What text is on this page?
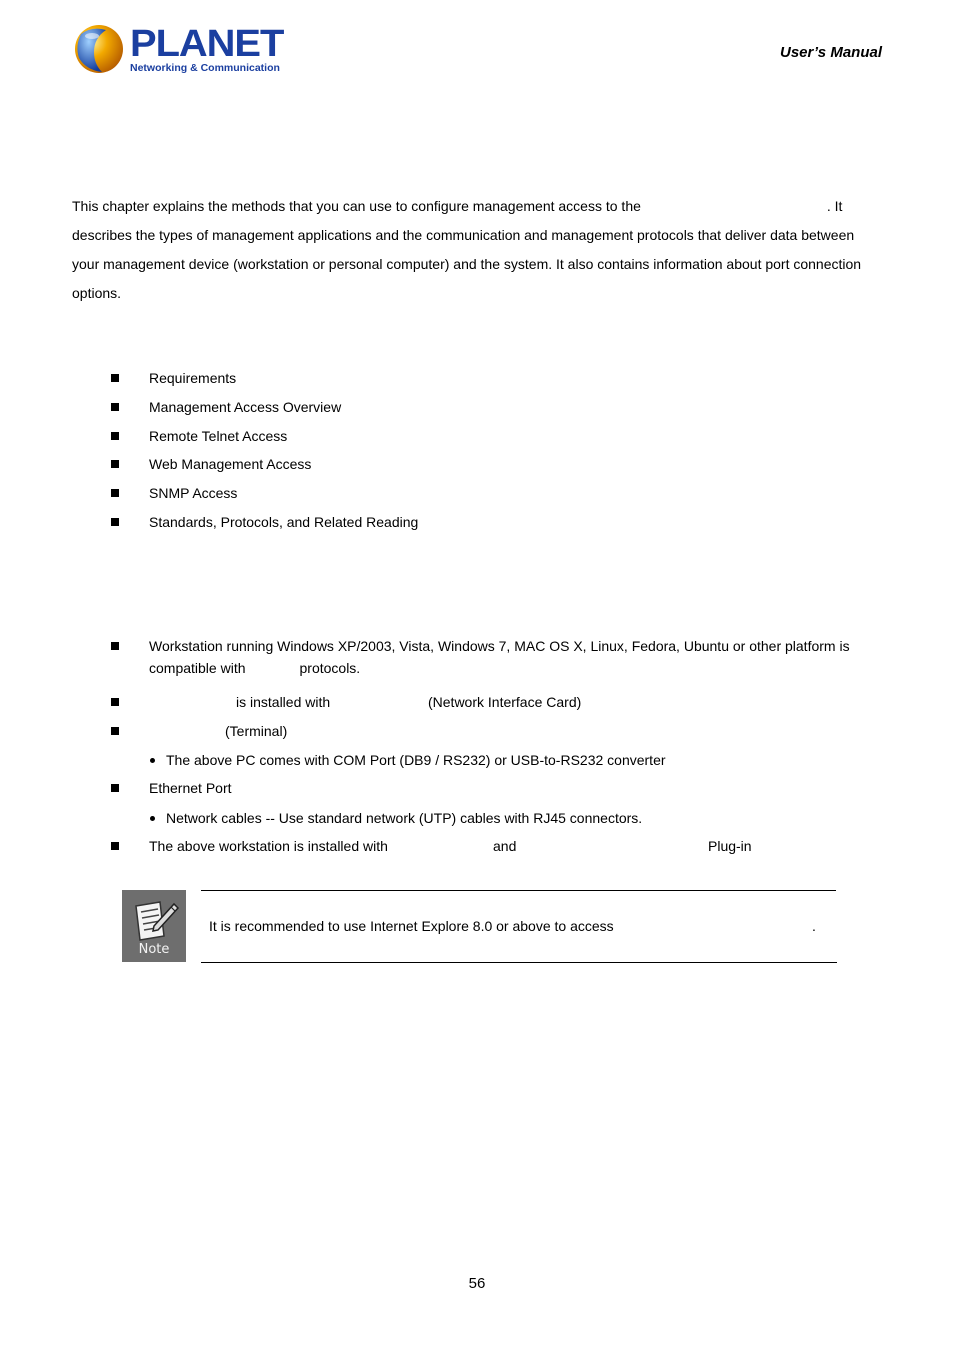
PLANET
Networking & Communication
User’s Manual
This chapter explains the methods that you can use to configure management access to the	. It
describes the types of management applications and the communication and management protocols that deliver data between
your management device (workstation or personal computer) and the system. It also contains information about port connection
options.
Requirements
Management Access Overview
Remote Telnet Access
Web Management Access
SNMP Access
Standards, Protocols, and Related Reading
Workstation running Windows XP/2003, Vista, Windows 7, MAC OS X, Linux, Fedora, Ubuntu or other platform is
compatible with	protocols.
is installed with	(Network Interface Card)
(Terminal)
The above PC comes with COM Port (DB9 / RS232) or USB-to-RS232 converter
Ethernet Port
Network cables -- Use standard network (UTP) cables with RJ45 connectors.
The above workstation is installed with	and	Plug-in
Note
It is recommended to use Internet Explore 8.0 or above to access	.
56
